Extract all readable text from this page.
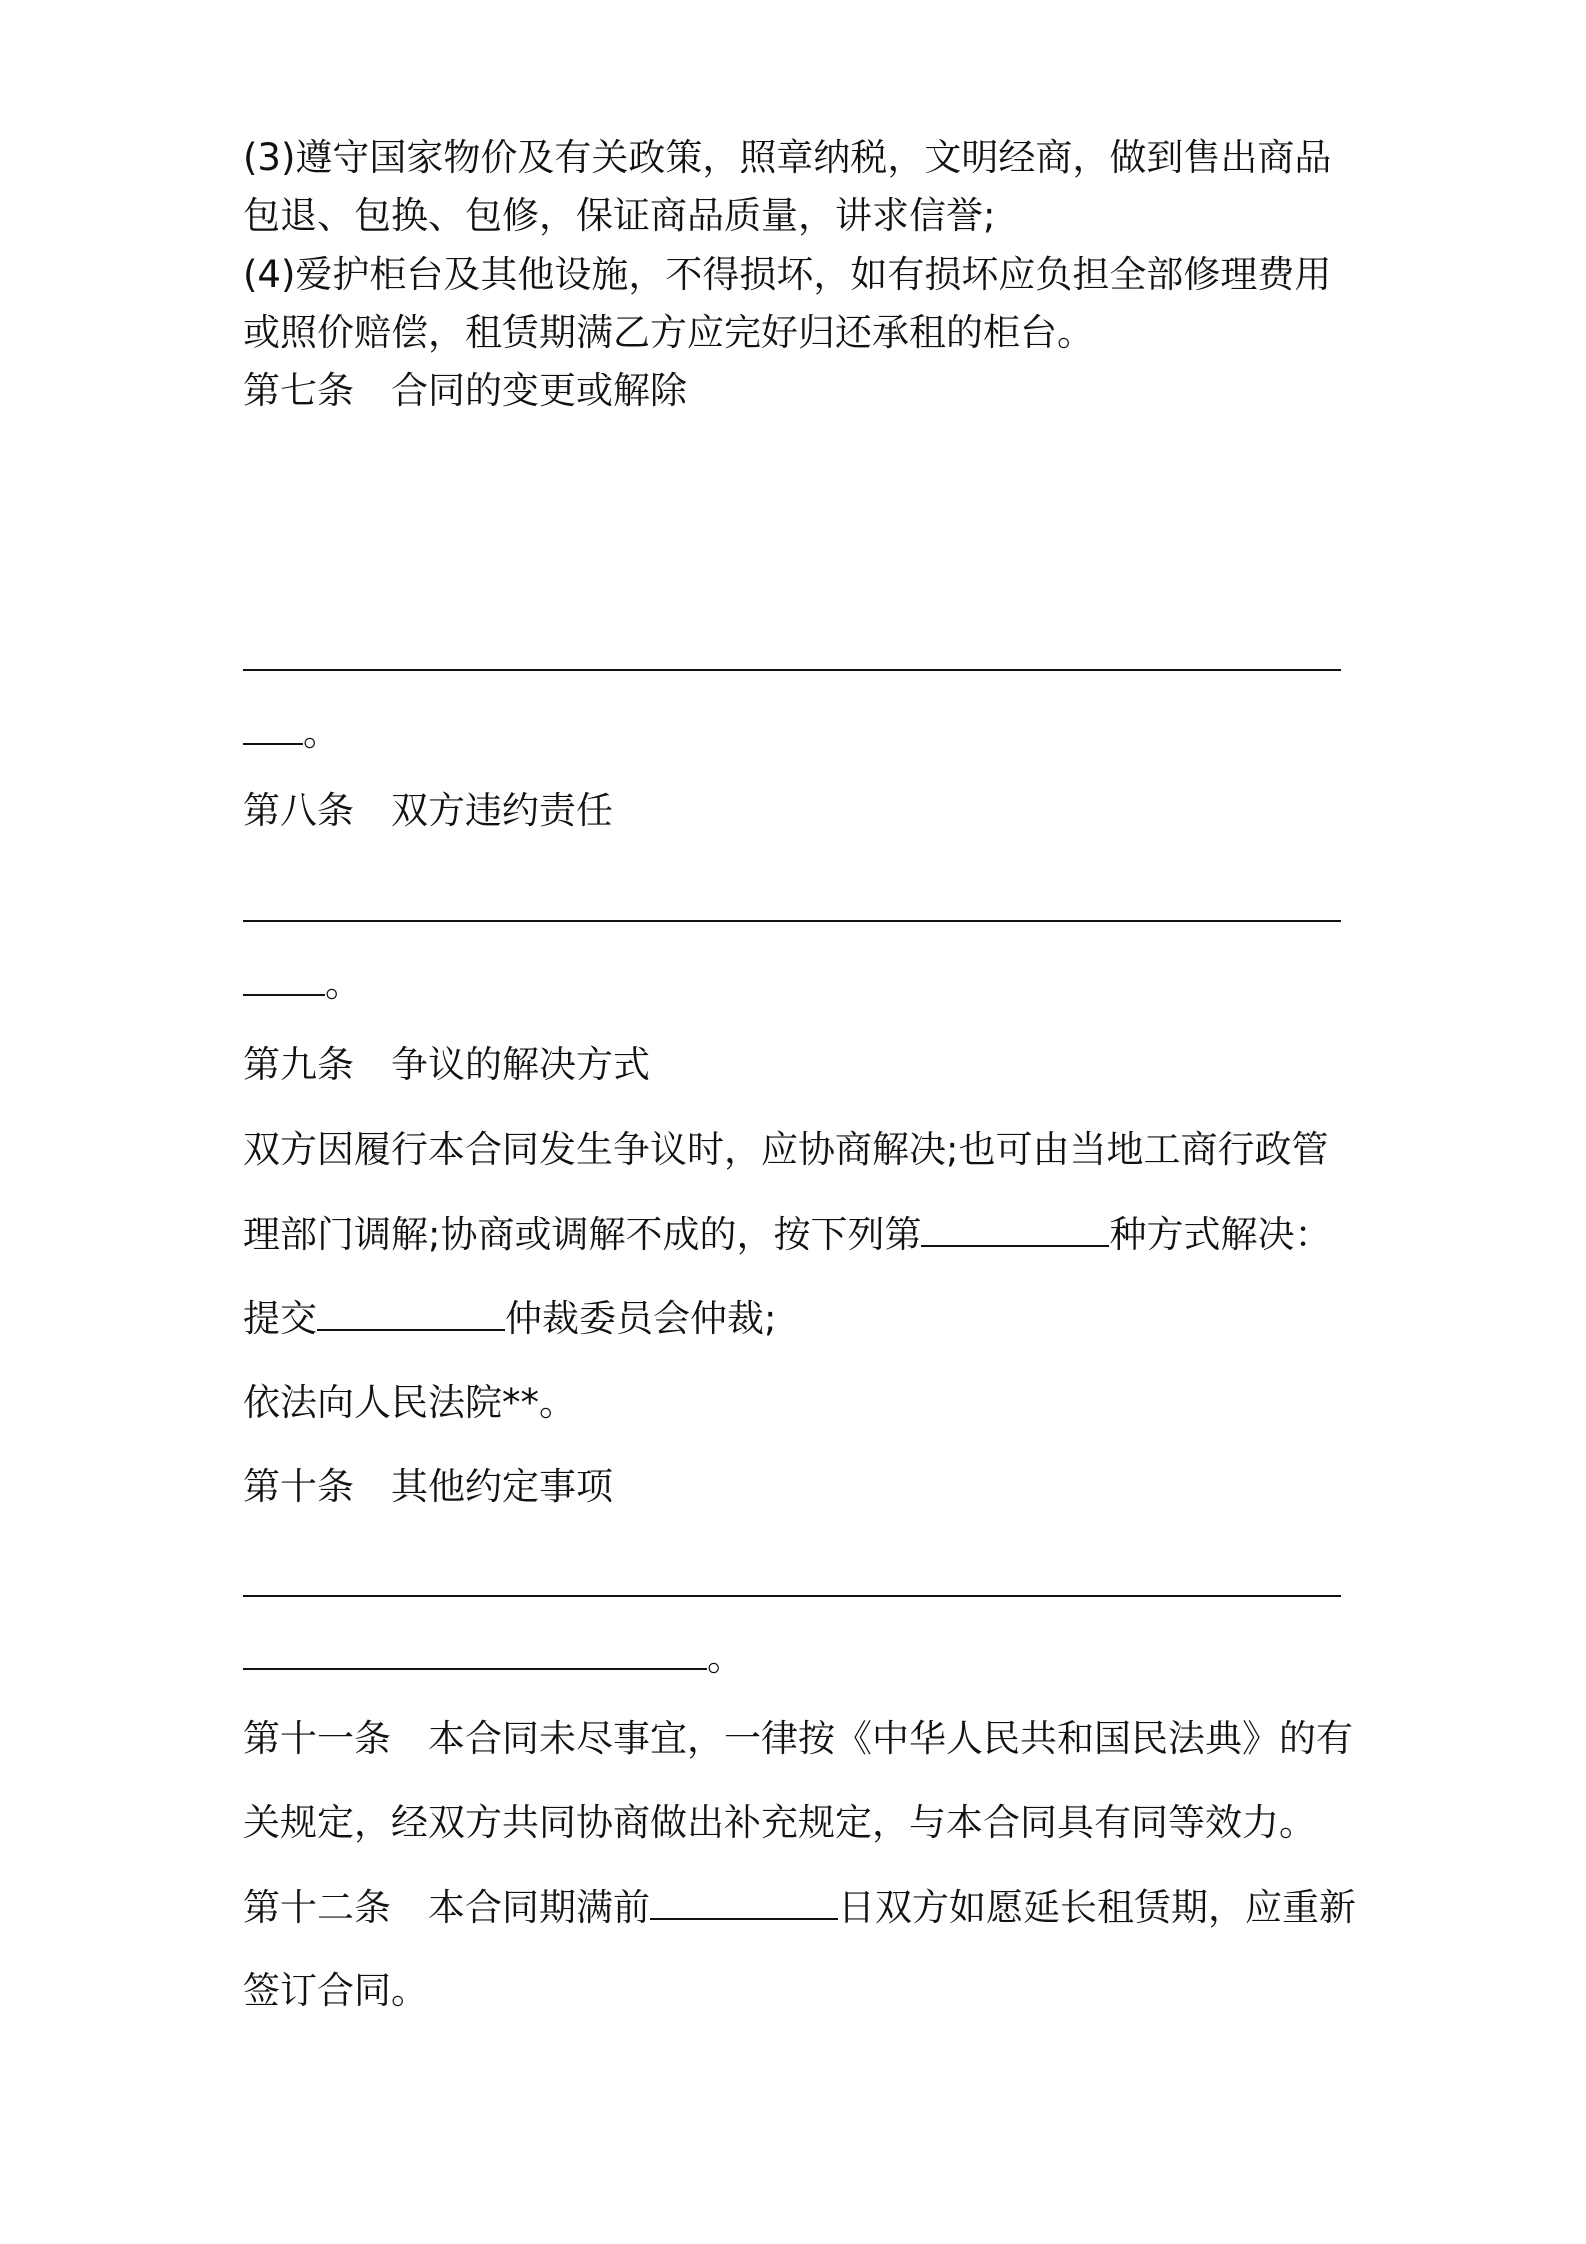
(3)遵守国家物价及有关政策，照章纳税，文明经商，做到售出商品
包退、包换、包修，保证商品质量，讲求信誉;
(4)爱护柜台及其他设施，不得损坏，如有损坏应负担全部修理费用
或照价赔偿，租赁期满乙方应完好归还承租的柜台。
第七条　合同的变更或解除
。
第八条　双方违约责任
。
第九条　争议的解决方式
双方因履行本合同发生争议时，应协商解决;也可由当地工商行政管
理部门调解;协商或调解不成的，按下列第	种方式解决：
提交	仲裁委员会仲裁;
依法向人民法院**。
第十条　其他约定事项
。
第十一条　本合同未尽事宜，一律按《中华人民共和国民法典》的有
关规定，经双方共同协商做出补充规定，与本合同具有同等效力。
第十二条　本合同期满前	日双方如愿延长租赁期，应重新
签订合同。
